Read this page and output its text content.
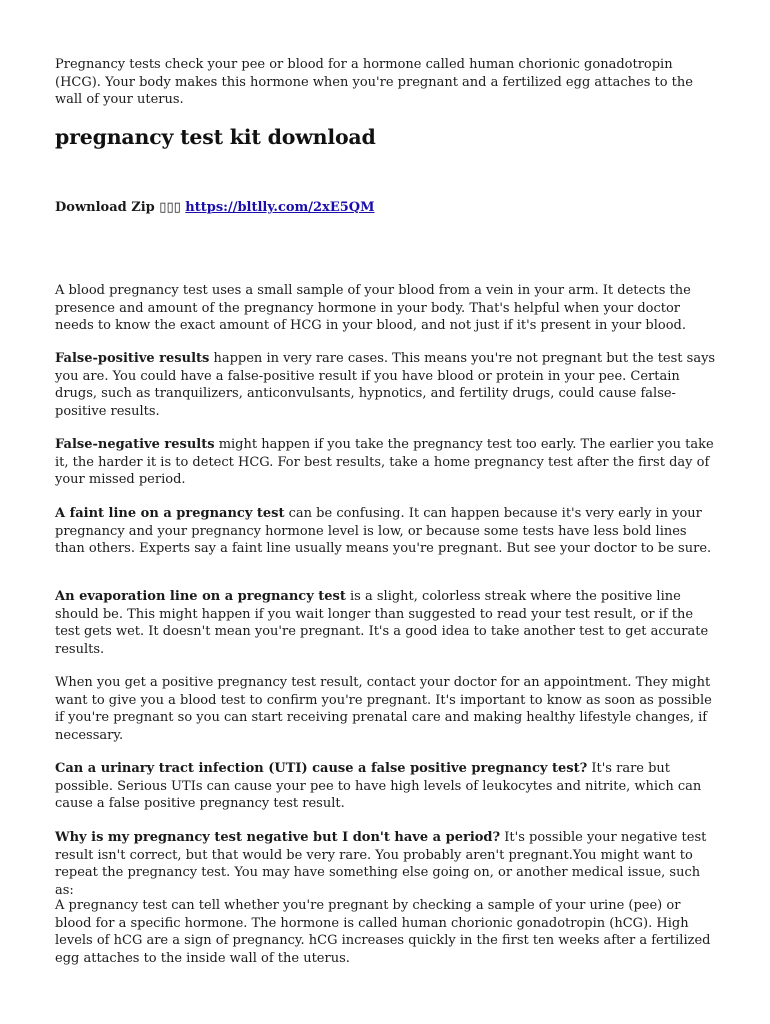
Pregnancy tests check your pee or blood for a hormone called human chorionic gonadotropin (HCG). Your body makes this hormone when you're pregnant and a fertilized egg attaches to the wall of your uterus.

pregnancy test kit download

Download Zip ▯▯▯ https://bltlly.com/2xE5QM

A blood pregnancy test uses a small sample of your blood from a vein in your arm. It detects the presence and amount of the pregnancy hormone in your body. That's helpful when your doctor needs to know the exact amount of HCG in your blood, and not just if it's present in your blood.

False-positive results happen in very rare cases. This means you're not pregnant but the test says you are. You could have a false-positive result if you have blood or protein in your pee. Certain drugs, such as tranquilizers, anticonvulsants, hypnotics, and fertility drugs, could cause false-positive results.

False-negative results might happen if you take the pregnancy test too early. The earlier you take it, the harder it is to detect HCG. For best results, take a home pregnancy test after the first day of your missed period.

A faint line on a pregnancy test can be confusing. It can happen because it's very early in your pregnancy and your pregnancy hormone level is low, or because some tests have less bold lines than others. Experts say a faint line usually means you're pregnant. But see your doctor to be sure.

An evaporation line on a pregnancy test is a slight, colorless streak where the positive line should be. This might happen if you wait longer than suggested to read your test result, or if the test gets wet. It doesn't mean you're pregnant. It's a good idea to take another test to get accurate results.

When you get a positive pregnancy test result, contact your doctor for an appointment. They might want to give you a blood test to confirm you're pregnant. It's important to know as soon as possible if you're pregnant so you can start receiving prenatal care and making healthy lifestyle changes, if necessary.

Can a urinary tract infection (UTI) cause a false positive pregnancy test? It's rare but possible. Serious UTIs can cause your pee to have high levels of leukocytes and nitrite, which can cause a false positive pregnancy test result.

Why is my pregnancy test negative but I don't have a period? It's possible your negative test result isn't correct, but that would be very rare. You probably aren't pregnant.You might want to repeat the pregnancy test. You may have something else going on, or another medical issue, such as:

A pregnancy test can tell whether you're pregnant by checking a sample of your urine (pee) or blood for a specific hormone. The hormone is called human chorionic gonadotropin (hCG). High levels of hCG are a sign of pregnancy. hCG increases quickly in the first ten weeks after a fertilized egg attaches to the inside wall of the uterus.
